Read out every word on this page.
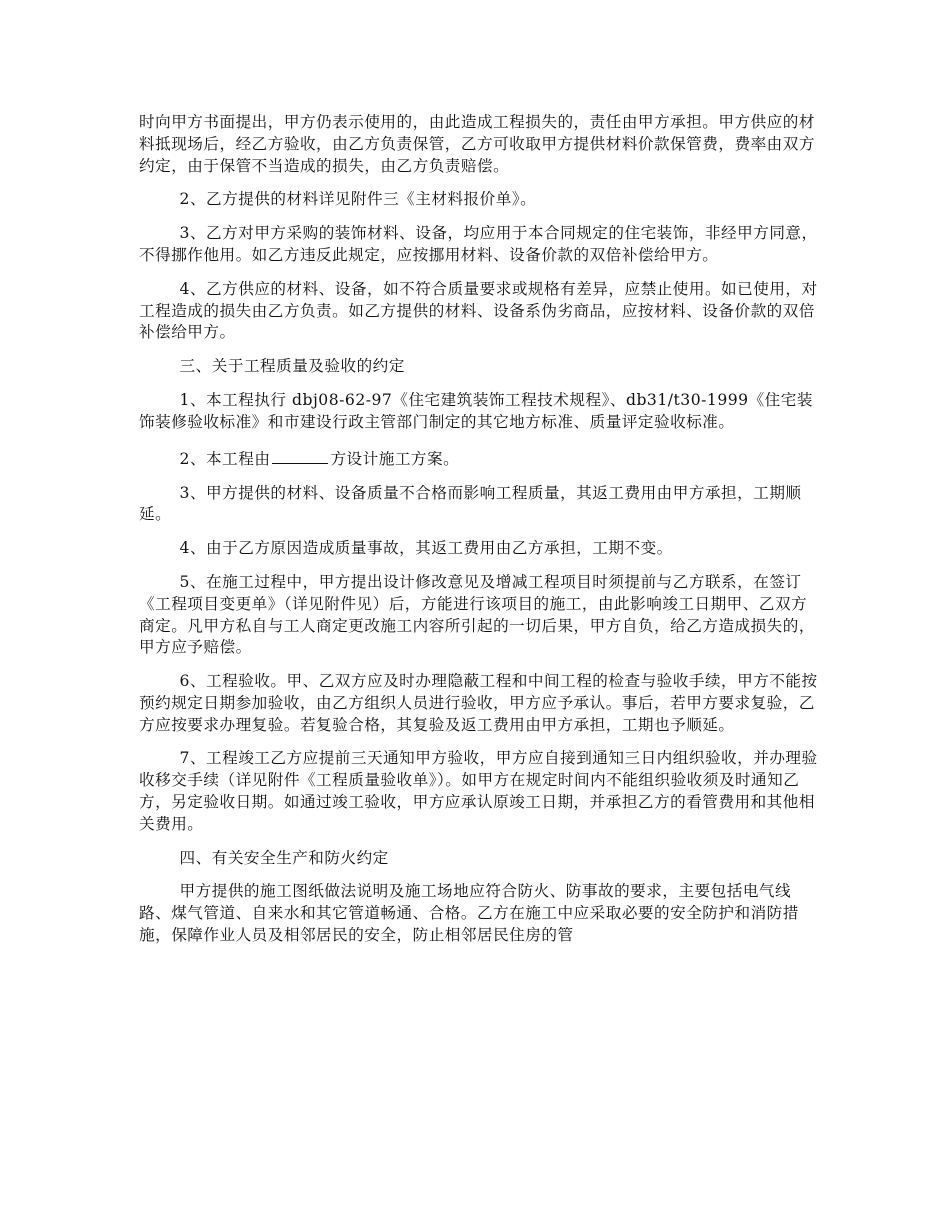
时向甲方书面提出，甲方仍表示使用的，由此造成工程损失的，责任由甲方承担。甲方供应的材料抵现场后，经乙方验收，由乙方负责保管，乙方可收取甲方提供材料价款保管费，费率由双方约定，由于保管不当造成的损失，由乙方负责赔偿。

2、乙方提供的材料详见附件三《主材料报价单》。

3、乙方对甲方采购的装饰材料、设备，均应用于本合同规定的住宅装饰，非经甲方同意，不得挪作他用。如乙方违反此规定，应按挪用材料、设备价款的双倍补偿给甲方。

4、乙方供应的材料、设备，如不符合质量要求或规格有差异，应禁止使用。如已使用，对工程造成的损失由乙方负责。如乙方提供的材料、设备系伪劣商品，应按材料、设备价款的双倍补偿给甲方。

三、关于工程质量及验收的约定

1、本工程执行 dbj08-62-97《住宅建筑装饰工程技术规程》、db31/t30-1999《住宅装饰装修验收标准》和市建设行政主管部门制定的其它地方标准、质量评定验收标准。

2、本工程由	方设计施工方案。

3、甲方提供的材料、设备质量不合格而影响工程质量，其返工费用由甲方承担，工期顺延。

4、由于乙方原因造成质量事故，其返工费用由乙方承担，工期不变。

5、在施工过程中，甲方提出设计修改意见及增减工程项目时须提前与乙方联系，在签订《工程项目变更单》（详见附件见）后，方能进行该项目的施工，由此影响竣工日期甲、乙双方商定。凡甲方私自与工人商定更改施工内容所引起的一切后果，甲方自负，给乙方造成损失的，甲方应予赔偿。

6、工程验收。甲、乙双方应及时办理隐蔽工程和中间工程的检查与验收手续，甲方不能按预约规定日期参加验收，由乙方组织人员进行验收，甲方应予承认。事后，若甲方要求复验，乙方应按要求办理复验。若复验合格，其复验及返工费用由甲方承担，工期也予顺延。

7、工程竣工乙方应提前三天通知甲方验收，甲方应自接到通知三日内组织验收，并办理验收移交手续（详见附件《工程质量验收单》）。如甲方在规定时间内不能组织验收须及时通知乙方，另定验收日期。如通过竣工验收，甲方应承认原竣工日期，并承担乙方的看管费用和其他相关费用。

四、有关安全生产和防火约定

甲方提供的施工图纸做法说明及施工场地应符合防火、防事故的要求，主要包括电气线路、煤气管道、自来水和其它管道畅通、合格。乙方在施工中应采取必要的安全防护和消防措施，保障作业人员及相邻居民的安全，防止相邻居民住房的管
